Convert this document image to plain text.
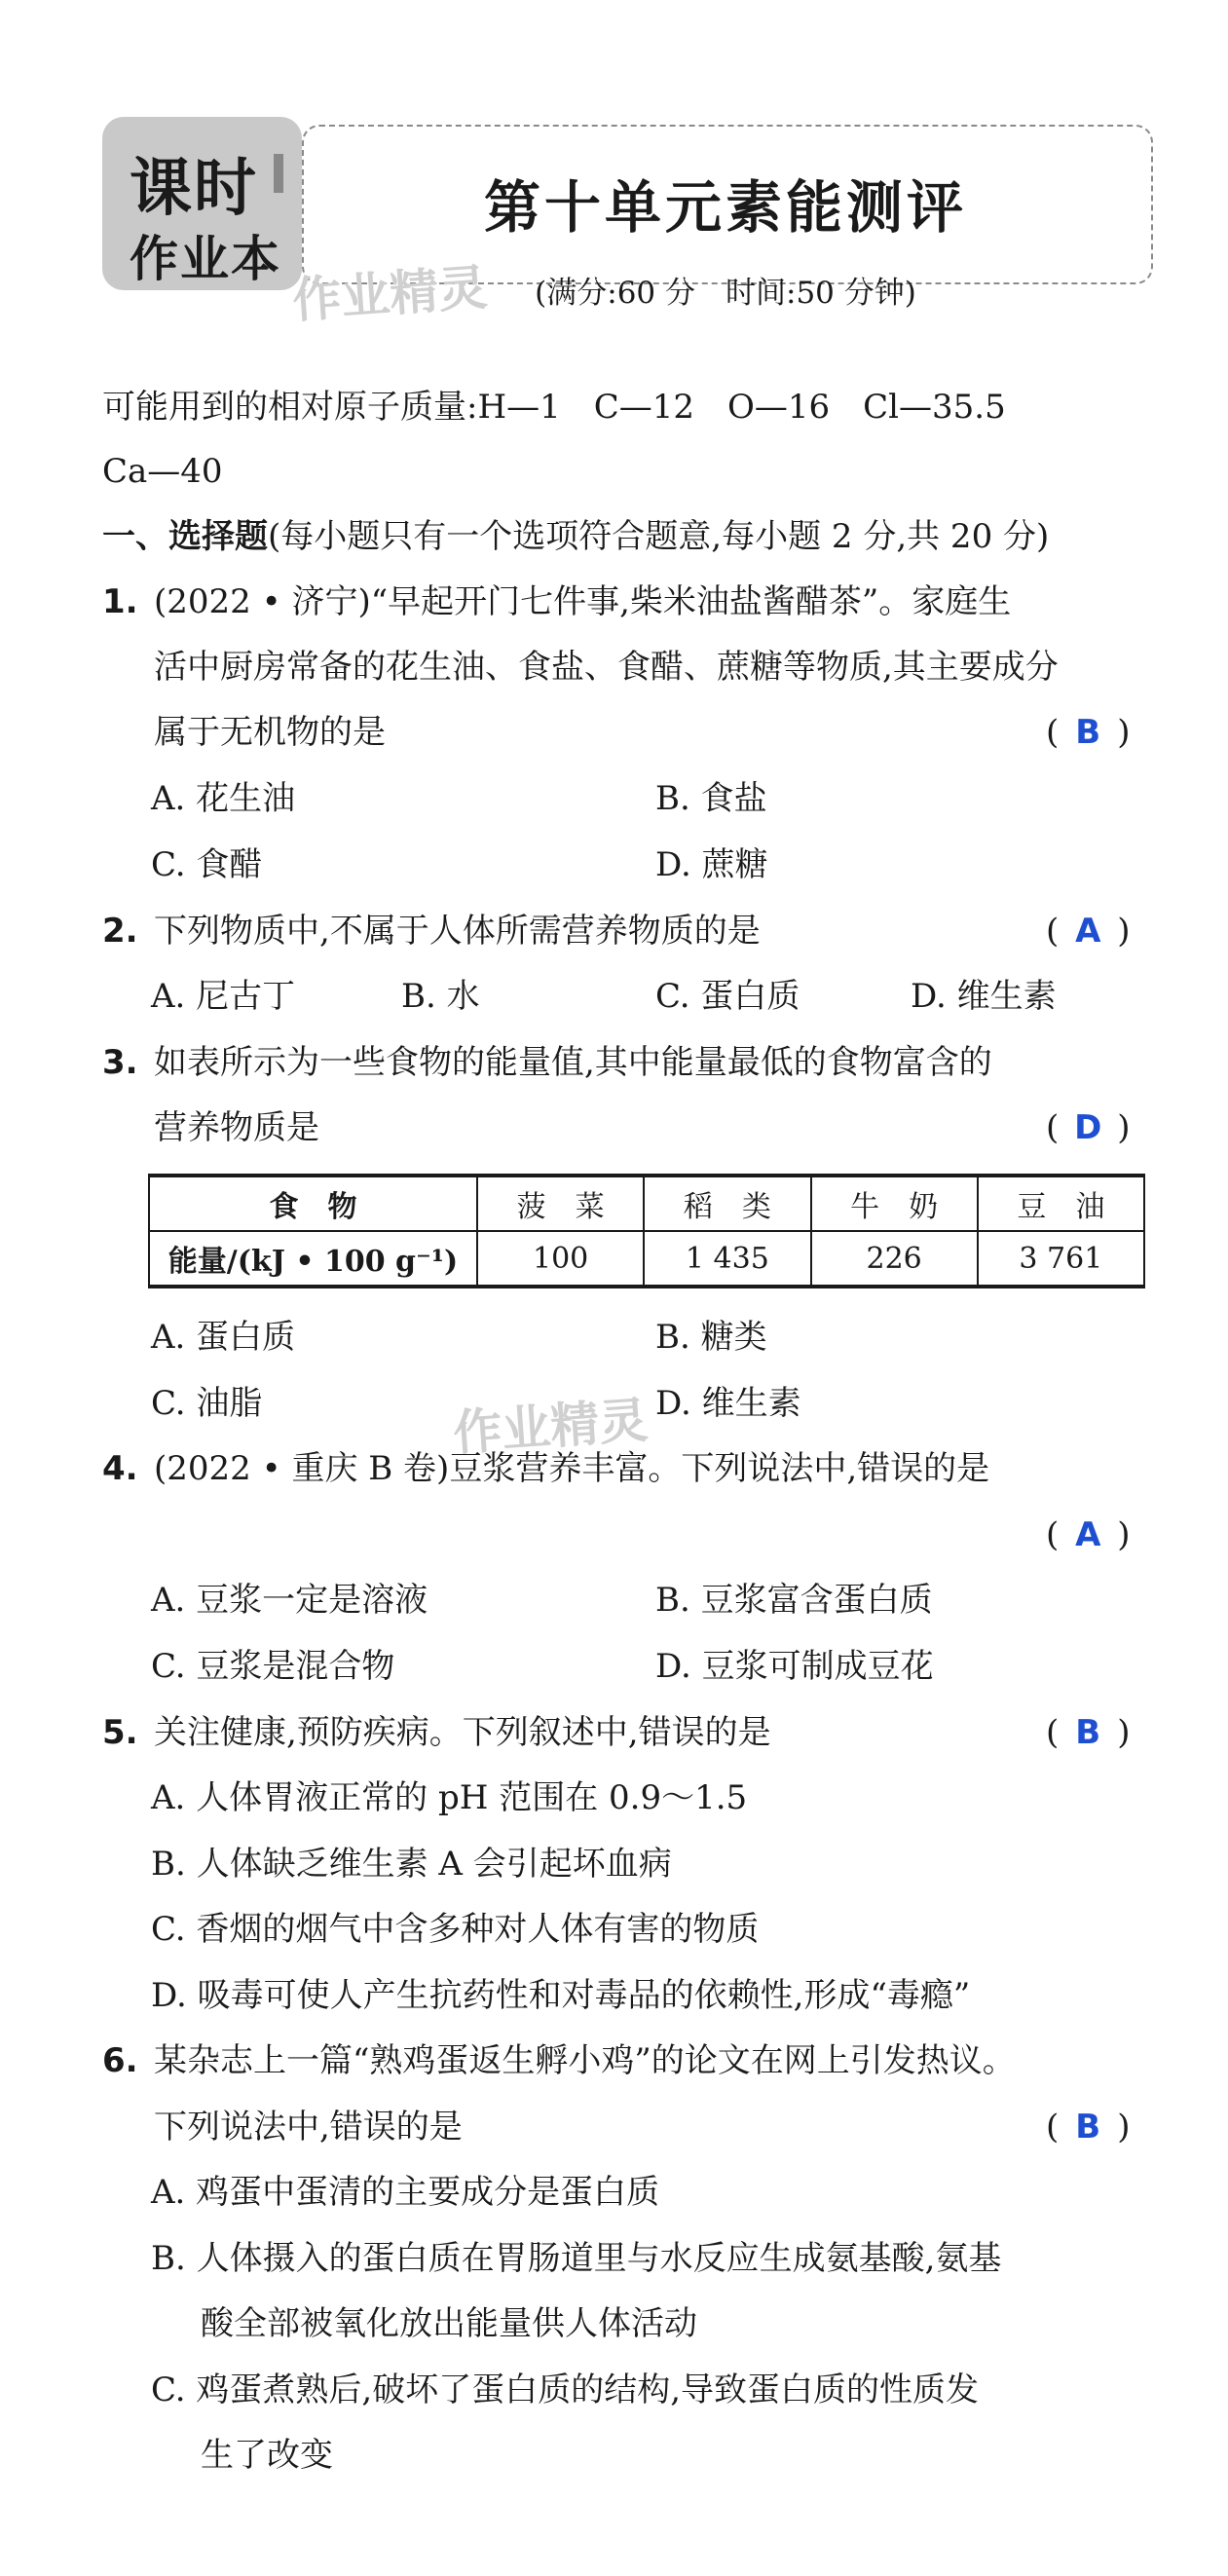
课时
作业本
第十单元素能测评
(满分:60 分　时间:50 分钟)
作业精灵
可能用到的相对原子质量:H—1　C—12　O—16　Cl—35.5
Ca—40
一、选择题(每小题只有一个选项符合题意,每小题 2 分,共 20 分)
1. (2022 • 济宁)“早起开门七件事,柴米油盐酱醋茶”。家庭生
活中厨房常备的花生油、食盐、食醋、蔗糖等物质,其主要成分
属于无机物的是	( B )
A. 花生油	B. 食盐
C. 食醋	D. 蔗糖
2. 下列物质中,不属于人体所需营养物质的是	( A )
A. 尼古丁	B. 水	C. 蛋白质	D. 维生素
3. 如表所示为一些食物的能量值,其中能量最低的食物富含的
营养物质是	( D )
食　物	菠　菜	稻　类	牛　奶	豆　油
能量/(kJ • 100 g⁻¹)	100	1 435	226	3 761
A. 蛋白质	B. 糖类
C. 油脂	D. 维生素
作业精灵
4. (2022 • 重庆 B 卷)豆浆营养丰富。下列说法中,错误的是
( A )
A. 豆浆一定是溶液	B. 豆浆富含蛋白质
C. 豆浆是混合物	D. 豆浆可制成豆花
5. 关注健康,预防疾病。下列叙述中,错误的是	( B )
A. 人体胃液正常的 pH 范围在 0.9～1.5
B. 人体缺乏维生素 A 会引起坏血病
C. 香烟的烟气中含多种对人体有害的物质
D. 吸毒可使人产生抗药性和对毒品的依赖性,形成“毒瘾”
6. 某杂志上一篇“熟鸡蛋返生孵小鸡”的论文在网上引发热议。
下列说法中,错误的是	( B )
A. 鸡蛋中蛋清的主要成分是蛋白质
B. 人体摄入的蛋白质在胃肠道里与水反应生成氨基酸,氨基
酸全部被氧化放出能量供人体活动
C. 鸡蛋煮熟后,破坏了蛋白质的结构,导致蛋白质的性质发
生了改变
